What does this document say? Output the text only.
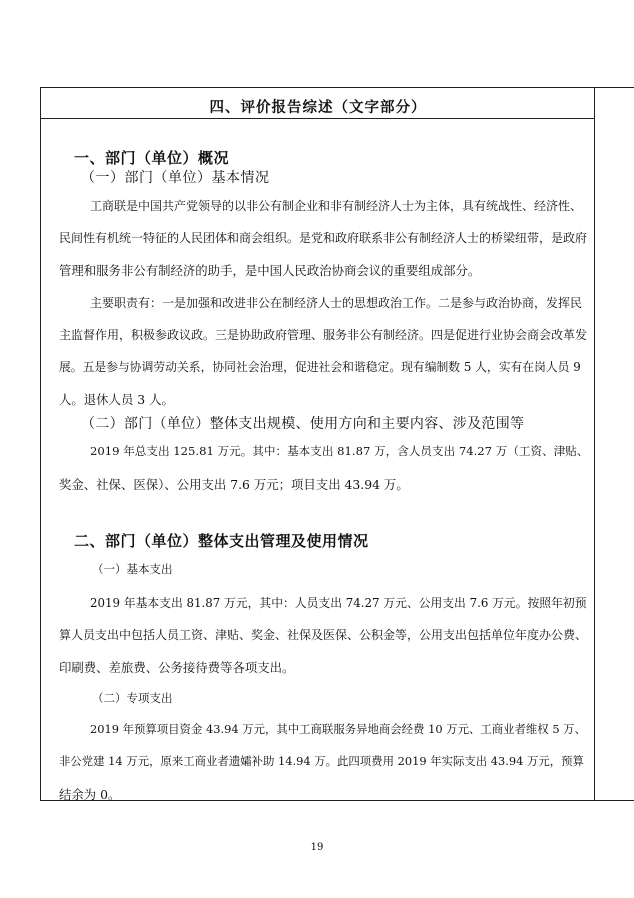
四、评价报告综述（文字部分）
一、部门（单位）概况
（一）部门（单位）基本情况
工商联是中国共产党领导的以非公有制企业和非有制经济人士为主体，具有统战性、经济性、
民间性有机统一特征的人民团体和商会组织。是党和政府联系非公有制经济人士的桥梁纽带，是政府
管理和服务非公有制经济的助手，是中国人民政治协商会议的重要组成部分。
主要职责有：一是加强和改进非公在制经济人士的思想政治工作。二是参与政治协商，发挥民
主监督作用，积极参政议政。三是协助政府管理、服务非公有制经济。四是促进行业协会商会改革发
展。五是参与协调劳动关系，协同社会治理，促进社会和谐稳定。现有编制数 5 人，实有在岗人员 9
人。退休人员 3 人。
（二）部门（单位）整体支出规模、使用方向和主要内容、涉及范围等
2019 年总支出 125.81 万元。其中：基本支出 81.87 万，含人员支出 74.27 万（工资、津贴、
奖金、社保、医保）、公用支出 7.6 万元；项目支出 43.94 万。
二、部门（单位）整体支出管理及使用情况
（一）基本支出
2019 年基本支出 81.87 万元，其中：人员支出 74.27 万元、公用支出 7.6 万元。按照年初预
算人员支出中包括人员工资、津贴、奖金、社保及医保、公积金等，公用支出包括单位年度办公费、
印刷费、差旅费、公务接待费等各项支出。
（二）专项支出
2019 年预算项目资金 43.94 万元，其中工商联服务异地商会经费 10 万元、工商业者维权 5 万、
非公党建 14 万元，原来工商业者遗孀补助 14.94 万。此四项费用 2019 年实际支出 43.94 万元，预算
结余为 0。
19
